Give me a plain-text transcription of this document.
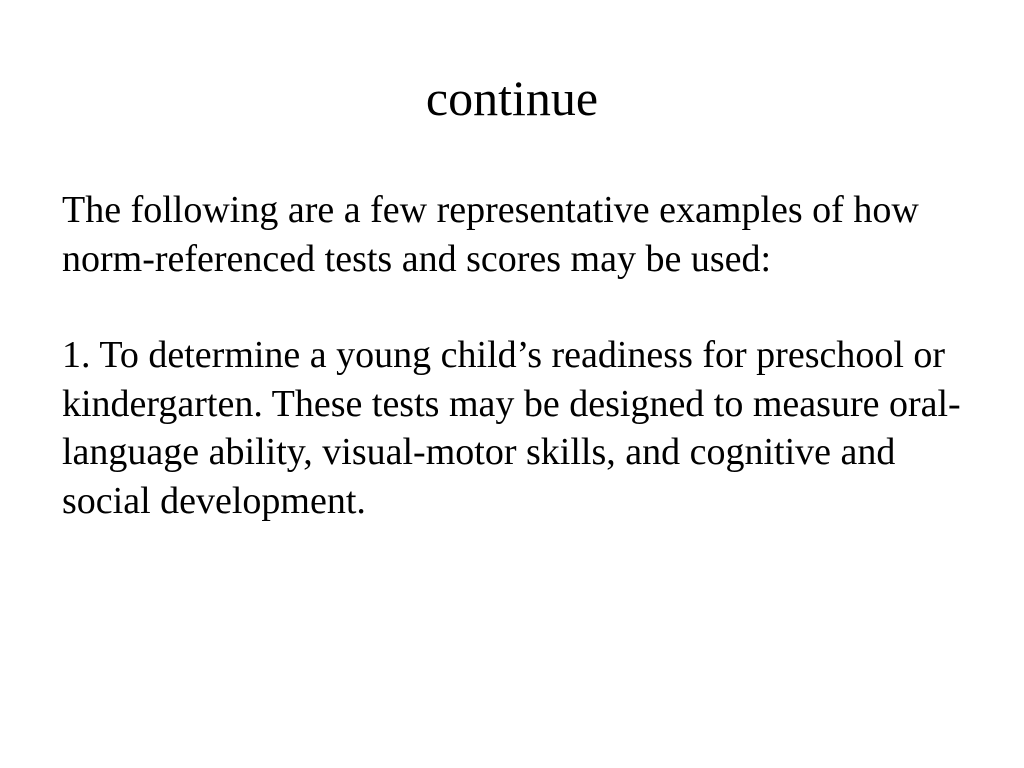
continue

The following are a few representative examples of how norm-referenced tests and scores may be used:

1. To determine a young child’s readiness for preschool or kindergarten. These tests may be designed to measure oral-language ability, visual-motor skills, and cognitive and social development.
